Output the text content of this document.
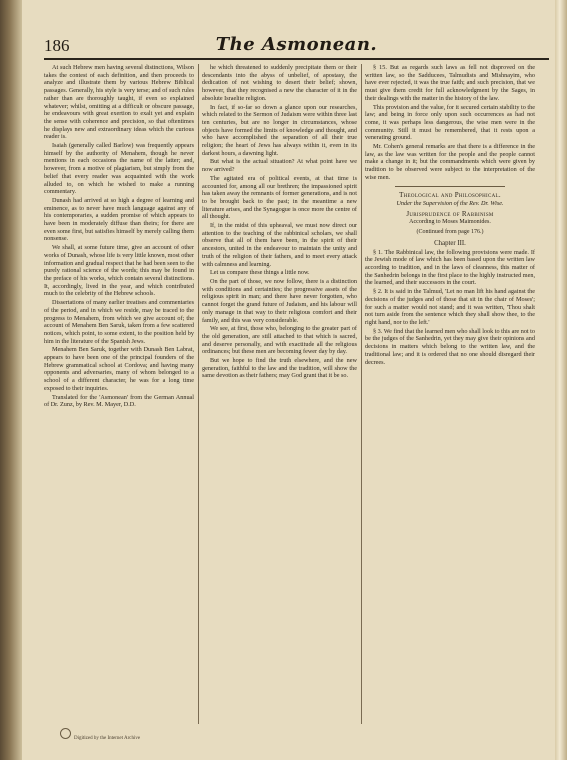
186	The Asmonean.

At such Hebrew men having several distinctions, Wilson takes the contest of each definition, and then proceeds to analyze and illustrate them by various Hebrew Biblical passages. Generally, his style is very terse; and of such rules rather than are thoroughly taught, if even so explained whatever; whilst, omitting at a difficult or obscure passage, he endeavours with great exertion to exalt yet and explain the sense with coherence and precision, so that oftentimes he displays new and extraordinary ideas which the curious reader is.

Isaiah (generally called Barlow) was frequently appears himself by the authority of Menahem, though he never mentions in each occasions the name of the latter; and, however, from a motive of plagiarism, but simply from the belief that every reader was acquainted with the work alluded to, on which he wished to make a running commentary.

Dunash had arrived at so high a degree of learning and eminence, as to never have much language against any of his contemporaries, a sudden promise of which appears to have been in moderately diffuse than theirs; for there are even some first, but satisfies himself by merely calling them nonsense.

We shall, at some future time, give an account of other works of Dunash, whose life is very little known, most other information and gradual respect that he had been seen to the purely rational science of the words; this may be found in the preface of his works, which contain several distinctions. It, accordingly, lived in the year, and which contributed much to the celebrity of the Hebrew schools.

Dissertations of many earlier treatises and commentaries of the period, and in which we reside, may be traced to the progress to Menahem, from which we give account of; the account of Menahem Ben Saruk, taken from a few scattered notices, which point, to some extent, to the position held by him in the literature of the Spanish Jews.

Menahem Ben Saruk, together with Dunash Ben Labrat, appears to have been one of the principal founders of the Hebrew grammatical school at Cordova; and having many opponents and adversaries, many of whom belonged to a school of a different character, he was for a long time exposed to their inquiries.

Translated for the 'Asmonean' from the German Annual of Dr. Zunz, by Rev. M. Mayer, D.D.

he which threatened to suddenly precipitate them or their descendants into the abyss of unbelief, of apostasy, the dedication of not wishing to desert their belief; shown, however, that they recognised a new the character of it in the absolute Israelite religion.

In fact, if so-far so down a glance upon our researches, which related to the Sermon of Judaism were within three last ten centuries, but are no longer in circumstances, whose objects have formed the limits of knowledge and thought, and who have accomplished the separation of all their true religion; the heart of Jews has always within it, even in its darkest hours, a dawning light.

But what is the actual situation? At what point have we now arrived?

The agitated era of political events, at that time is accounted for, among all our brethren; the impassioned spirit has taken away the remnants of former generations, and is not to be brought back to the past; in the meantime a new literature arises, and the Synagogue is once more the centre of all thought.

If, in the midst of this upheaval, we must now direct our attention to the teaching of the rabbinical scholars, we shall observe that all of them have been, in the spirit of their ancestors, united in the endeavour to maintain the unity and truth of the religion of their fathers, and to meet every attack with calmness and learning.

Let us compare these things a little now.

On the part of those, we now follow, there is a distinction with conditions and certainties; the progressive assets of the religious spirit in man; and there have never forgotten, who cannot forget the grand future of Judaism, and his labour will only manage in that way to their religious comfort and their family, and this was very considerable.

We see, at first, those who, belonging to the greater part of the old generation, are still attached to that which is sacred, and deserve personally, and with exactitude all the religious ordinances; but these men are becoming fewer day by day.

But we hope to find the truth elsewhere, and the new generation, faithful to the law and the tradition, will show the same devotion as their fathers; may God grant that it be so.

§ 15. But as regards such laws as fell not disproved on the written law, so the Sadducees, Talmudists and Mishnayim, who have ever rejected, it was the true faith; and such precision, that we must give them credit for full acknowledgment by the Sages, in their dealings with the matter in the history of the law.

This provision and the value, for it secured certain stability to the law; and being in force only upon such occurrences as had not come, it was perhaps less dangerous, the wise men were in the community. Still it must be remembered, that it rests upon a venerating ground.

Mr. Cohen's general remarks are that there is a difference in the law, as the law was written for the people and the people cannot make a change in it; but the commandments which were given by tradition to be observed were subject to the interpretation of the wise men.

Theological and Philosophical.
Under the Supervision of the Rev. Dr. Wise.
Jurisprudence of Rabbinism
According to Moses Maimonides.
(Continued from page 176.)
Chapter III.

§ 1. The Rabbinical law, the following provisions were made. If the Jewish mode of law which has been based upon the written law according to tradition, and in the laws of cleanness, this matter of the Sanhedrin belongs in the first place to the highly instructed men, the learned, and their successors in the court.

§ 2. It is said in the Talmud, 'Let no man lift his hand against the decisions of the judges and of those that sit in the chair of Moses'; for such a matter would not stand; and it was written, 'Thou shalt not turn aside from the sentence which they shall show thee, to the right hand, nor to the left.'

§ 3. We find that the learned men who shall look to this are not to be the judges of the Sanhedrin, yet they may give their opinions and decisions in matters which belong to the written law, and the traditional law; and it is ordered that no one should disregard their decrees.

Digitized by the Internet Archive
